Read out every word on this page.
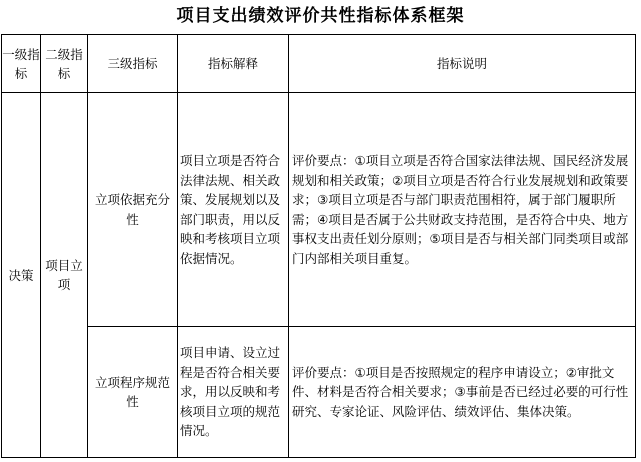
项目支出绩效评价共性指标体系框架
一级指标	二级指标	三级指标	指标解释	指标说明
决策	项目立项	立项依据充分性	项目立项是否符合法律法规、相关政策、发展规划以及部门职责，用以反映和考核项目立项依据情况。	评价要点：①项目立项是否符合国家法律法规、国民经济发展规划和相关政策；②项目立项是否符合行业发展规划和政策要求；③项目立项是否与部门职责范围相符，属于部门履职所需；④项目是否属于公共财政支持范围，是否符合中央、地方事权支出责任划分原则；⑤项目是否与相关部门同类项目或部门内部相关项目重复。
		立项程序规范性	项目申请、设立过程是否符合相关要求，用以反映和考核项目立项的规范情况。	评价要点：①项目是否按照规定的程序申请设立；②审批文件、材料是否符合相关要求；③事前是否已经过必要的可行性研究、专家论证、风险评估、绩效评估、集体决策。
